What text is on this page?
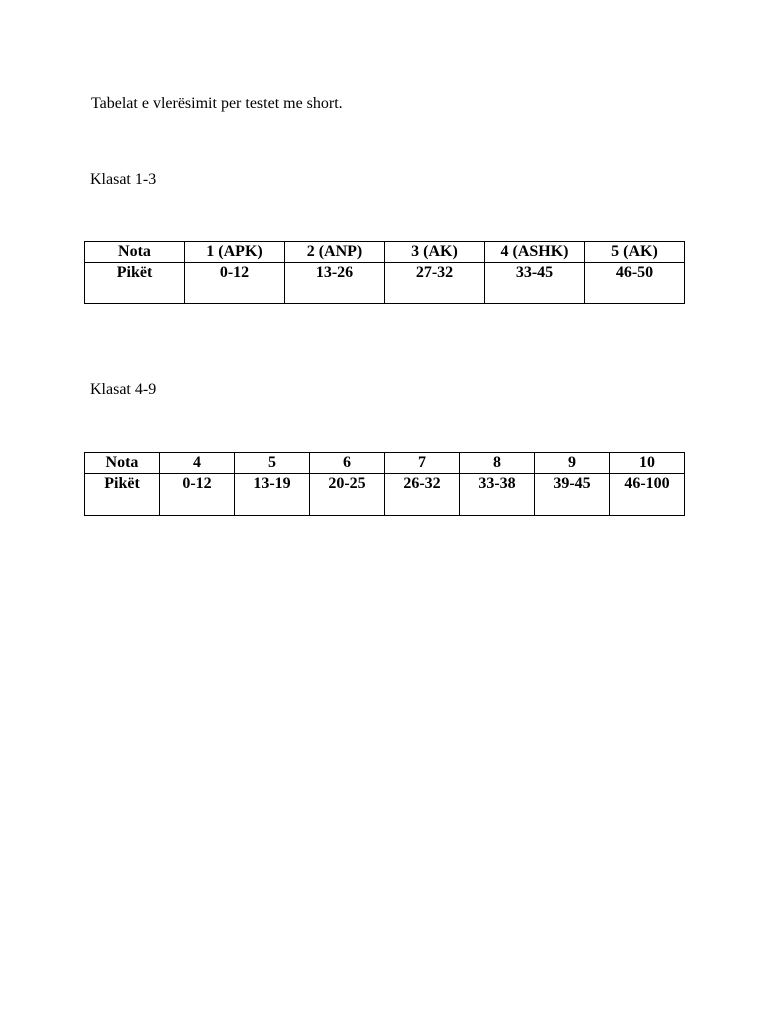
Tabelat e vlerësimit per testet me short.
Klasat 1-3
Nota	1 (APK)	2 (ANP)	3 (AK)	4 (ASHK)	5 (AK)
Pikët	0-12	13-26	27-32	33-45	46-50
Klasat 4-9
Nota	4	5	6	7	8	9	10
Pikët	0-12	13-19	20-25	26-32	33-38	39-45	46-100
